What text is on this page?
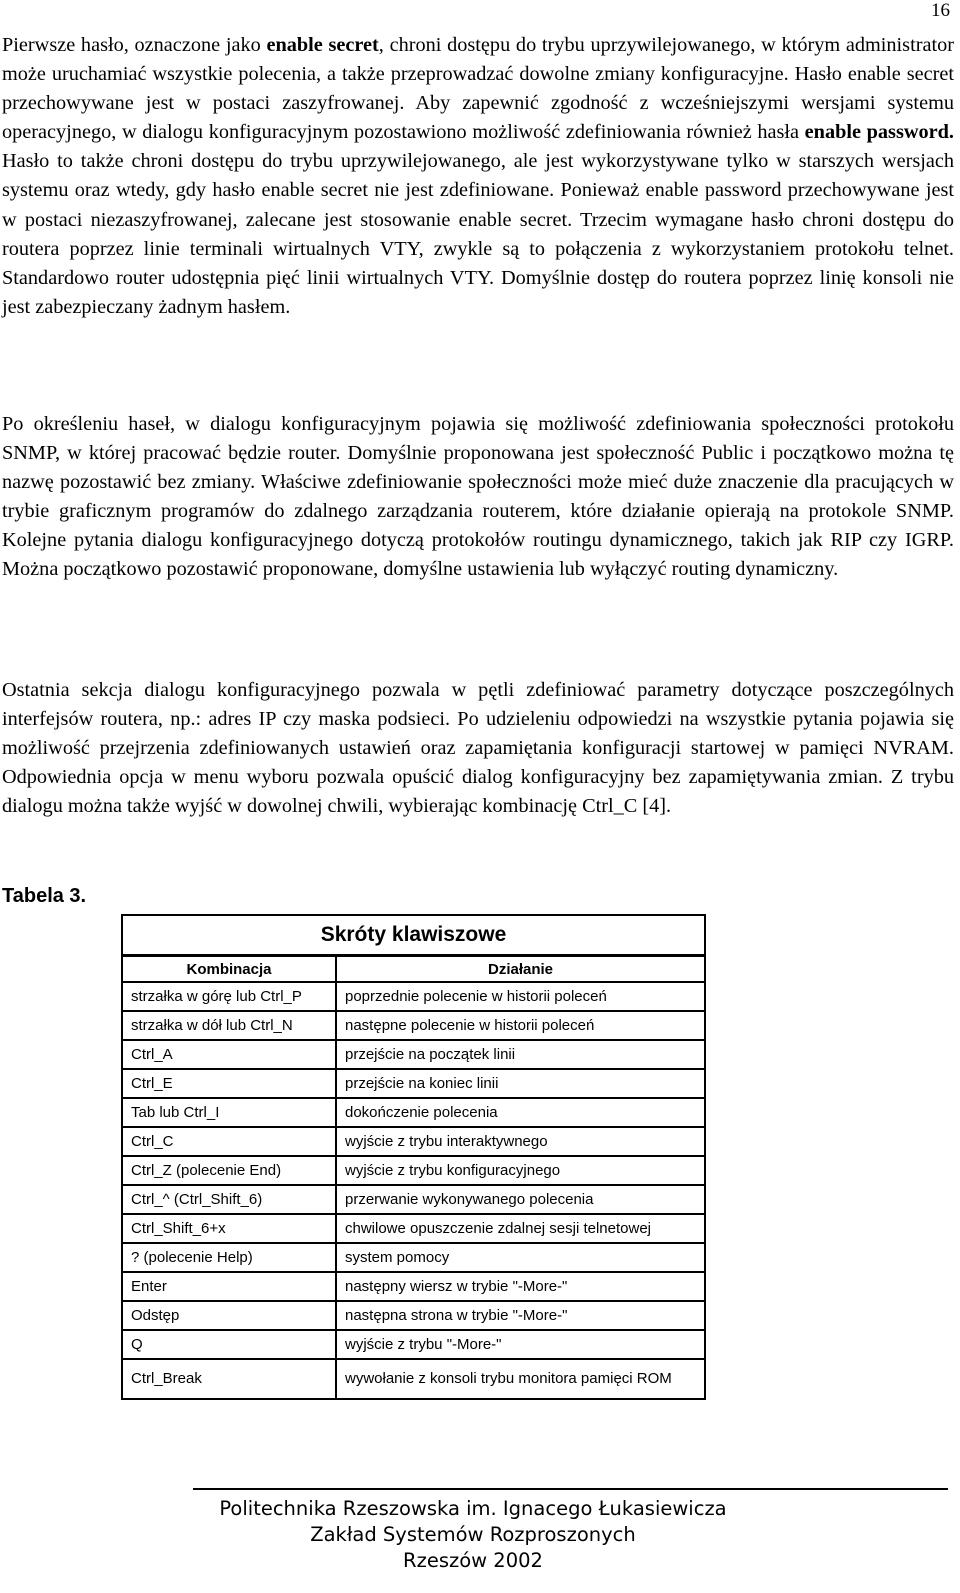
16

Pierwsze hasło, oznaczone jako enable secret, chroni dostępu do trybu uprzywilejowanego, w którym administrator może uruchamiać wszystkie polecenia, a także przeprowadzać dowolne zmiany konfiguracyjne. Hasło enable secret przechowywane jest w postaci zaszyfrowanej. Aby zapewnić zgodność z wcześniejszymi wersjami systemu operacyjnego, w dialogu konfiguracyjnym pozostawiono możliwość zdefiniowania również hasła enable password. Hasło to także chroni dostępu do trybu uprzywilejowanego, ale jest wykorzystywane tylko w starszych wersjach systemu oraz wtedy, gdy hasło enable secret nie jest zdefiniowane. Ponieważ enable password przechowywane jest w postaci niezaszyfrowanej, zalecane jest stosowanie enable secret. Trzecim wymagane hasło chroni dostępu do routera poprzez linie terminali wirtualnych VTY, zwykle są to połączenia z wykorzystaniem protokołu telnet. Standardowo router udostępnia pięć linii wirtualnych VTY. Domyślnie dostęp do routera poprzez linię konsoli nie jest zabezpieczany żadnym hasłem.

Po określeniu haseł, w dialogu konfiguracyjnym pojawia się możliwość zdefiniowania społeczności protokołu SNMP, w której pracować będzie router. Domyślnie proponowana jest społeczność Public i początkowo można tę nazwę pozostawić bez zmiany. Właściwe zdefiniowanie społeczności może mieć duże znaczenie dla pracujących w trybie graficznym programów do zdalnego zarządzania routerem, które działanie opierają na protokole SNMP. Kolejne pytania dialogu konfiguracyjnego dotyczą protokołów routingu dynamicznego, takich jak RIP czy IGRP. Można początkowo pozostawić proponowane, domyślne ustawienia lub wyłączyć routing dynamiczny.

Ostatnia sekcja dialogu konfiguracyjnego pozwala w pętli zdefiniować parametry dotyczące poszczególnych interfejsów routera, np.: adres IP czy maska podsieci. Po udzieleniu odpowiedzi na wszystkie pytania pojawia się możliwość przejrzenia zdefiniowanych ustawień oraz zapamiętania konfiguracji startowej w pamięci NVRAM. Odpowiednia opcja w menu wyboru pozwala opuścić dialog konfiguracyjny bez zapamiętywania zmian. Z trybu dialogu można także wyjść w dowolnej chwili, wybierając kombinację Ctrl_C [4].

Tabela 3.
Skróty klawiszowe	
Kombinacja	Działanie
strzałka w górę lub Ctrl_P	poprzednie polecenie w historii poleceń
strzałka w dół lub Ctrl_N	następne polecenie w historii poleceń
Ctrl_A	przejście na początek linii
Ctrl_E	przejście na koniec linii
Tab lub Ctrl_I	dokończenie polecenia
Ctrl_C	wyjście z trybu interaktywnego
Ctrl_Z (polecenie End)	wyjście z trybu konfiguracyjnego
Ctrl_^ (Ctrl_Shift_6)	przerwanie wykonywanego polecenia
Ctrl_Shift_6+x	chwilowe opuszczenie zdalnej sesji telnetowej
? (polecenie Help)	system pomocy
Enter	następny wiersz w trybie "-More-"
Odstęp	następna strona w trybie "-More-"
Q	wyjście z trybu "-More-"
Ctrl_Break	wywołanie z konsoli trybu monitora pamięci ROM
Politechnika Rzeszowska im. Ignacego Łukasiewicza
Zakład Systemów Rozproszonych
Rzeszów 2002
